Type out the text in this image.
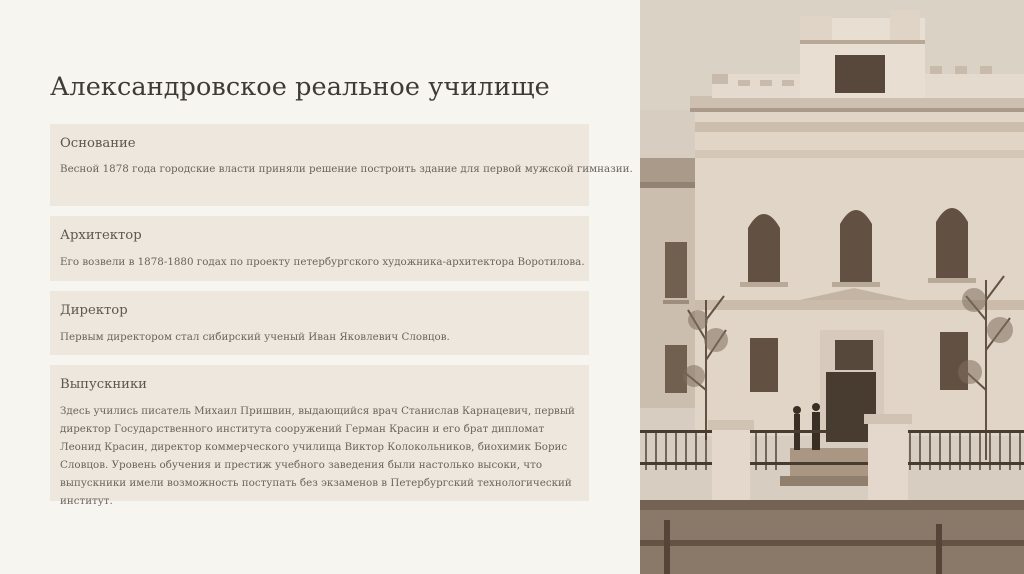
Александровское реальное училище
Основание
Весной 1878 года городские власти приняли решение построить здание для первой мужской гимназии.
Архитектор
Его возвели в 1878-1880 годах по проекту петербургского художника-архитектора Воротилова.
Директор
Первым директором стал сибирский ученый Иван Яковлевич Словцов.
Выпускники
Здесь учились писатель Михаил Пришвин, выдающийся врач Станислав Карнацевич, первый директор Государственного института сооружений Герман Красин и его брат дипломат Леонид Красин, директор коммерческого училища Виктор Колокольников, биохимик Борис Словцов. Уровень обучения и престиж учебного заведения были настолько высоки, что выпускники имели возможность поступать без экзаменов в Петербургский технологический институт.
